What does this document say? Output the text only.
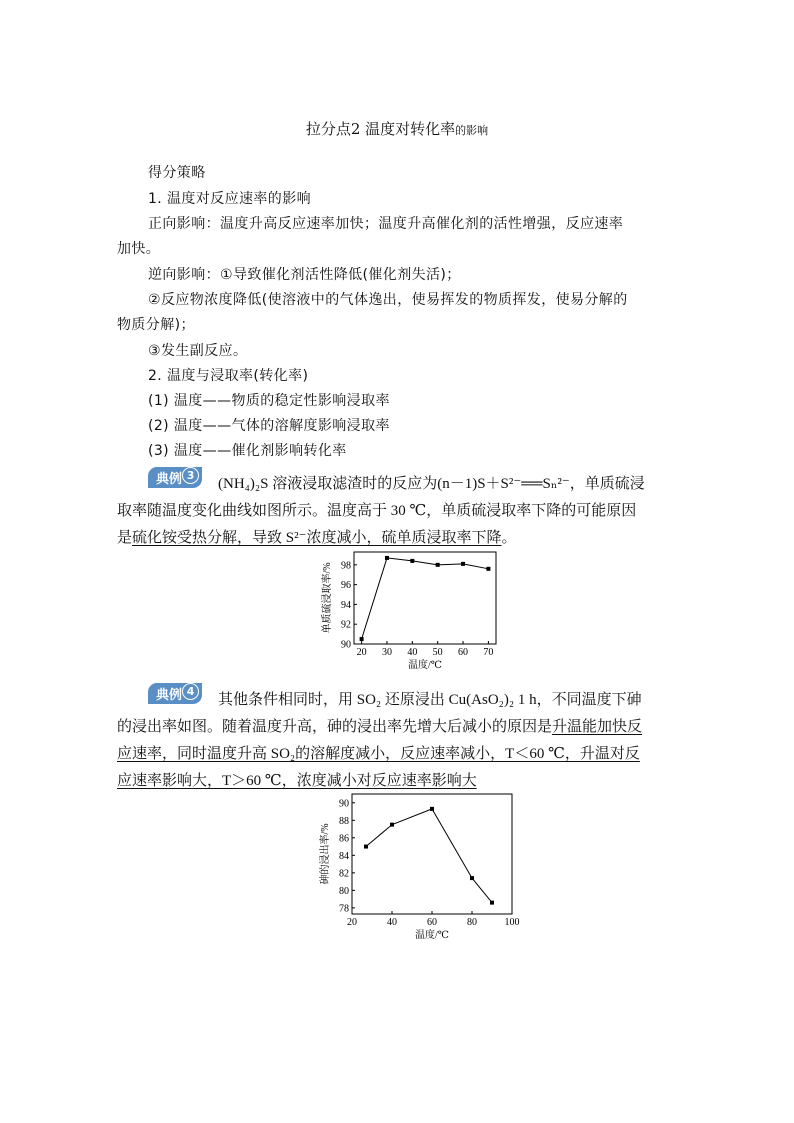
拉分点2 温度对转化率的影响
得分策略
1. 温度对反应速率的影响
正向影响：温度升高反应速率加快；温度升高催化剂的活性增强，反应速率
加快。
逆向影响：①导致催化剂活性降低(催化剂失活)；
②反应物浓度降低(使溶液中的气体逸出，使易挥发的物质挥发，使易分解的
物质分解)；
③发生副反应。
2. 温度与浸取率(转化率)
(1) 温度——物质的稳定性影响浸取率
(2) 温度——气体的溶解度影响浸取率
(3) 温度——催化剂影响转化率
典例 3
(NH₄)₂S 溶液浸取滤渣时的反应为(n－1)S＋S²⁻══Sₙ²⁻，单质硫浸
取率随温度变化曲线如图所示。温度高于 30 ℃，单质硫浸取率下降的可能原因
是硫化铵受热分解，导致 S²⁻浓度减小，硫单质浸取率下降。
20 30 40 50 60 70
90
92
94
96
98
温度/℃
单质硫浸取率/%
典例 4
其他条件相同时，用 SO₂ 还原浸出 Cu(AsO₂)₂ 1 h，不同温度下砷
的浸出率如图。随着温度升高，砷的浸出率先增大后减小的原因是升温能加快反
应速率，同时温度升高 SO₂的溶解度减小，反应速率减小，T＜60 ℃，升温对反
应速率影响大，T＞60 ℃，浓度减小对反应速率影响大
20	40	60	80	100
78
80
82
84
86
88
90
温度/℃
砷的浸出率/%
